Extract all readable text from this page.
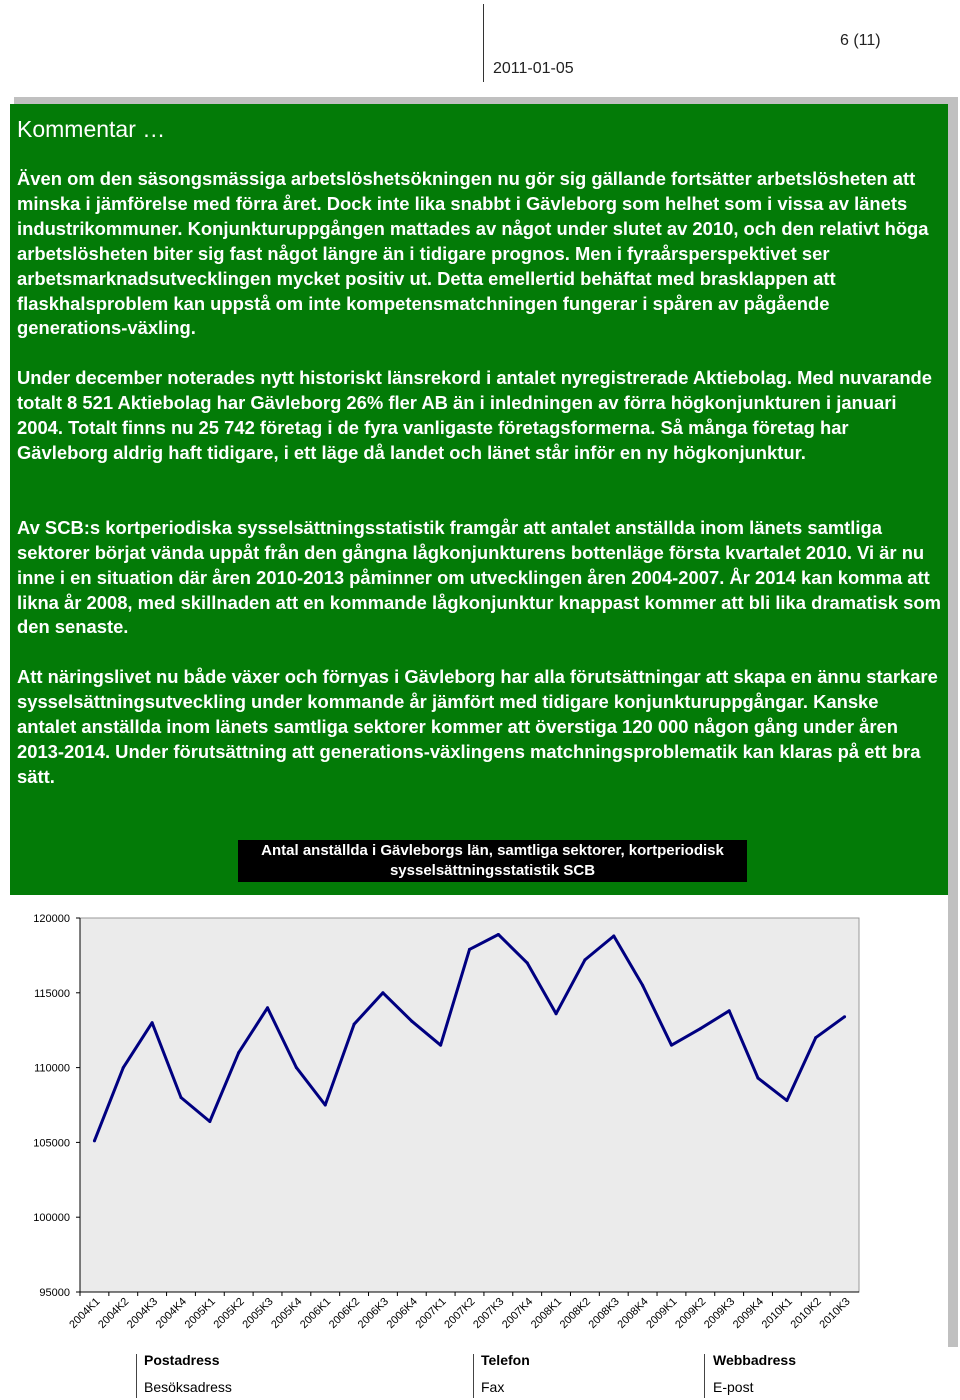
2011-01-05
6 (11)
Kommentar …

Även om den säsongsmässiga arbetslöshetsökningen nu gör sig gällande fortsätter arbetslösheten att minska i jämförelse med förra året. Dock inte lika snabbt i Gävleborg som helhet som i vissa av länets industrikommuner. Konjunkturuppgången mattades av något under slutet av 2010, och den relativt höga arbetslösheten biter sig fast något längre än i tidigare prognos. Men i fyraårsperspektivet ser arbetsmarknadsutvecklingen mycket positiv ut. Detta emellertid behäftat med brasklappen att flaskhalsproblem kan uppstå om inte kompetensmatchningen fungerar i spåren av pågående generations-växling.

Under december noterades nytt historiskt länsrekord i antalet nyregistrerade Aktiebolag. Med nuvarande totalt 8 521 Aktiebolag har Gävleborg 26% fler AB än i inledningen av förra högkonjunkturen i januari 2004. Totalt finns nu 25 742 företag i de fyra vanligaste företagsformerna. Så många företag har Gävleborg aldrig haft tidigare, i ett läge då landet och länet står inför en ny högkonjunktur.

Av SCB:s kortperiodiska sysselsättningsstatistik framgår att antalet anställda inom länets samtliga sektorer börjat vända uppåt från den gångna lågkonjunkturens bottenläge första kvartalet 2010. Vi är nu inne i en situation där åren 2010-2013 påminner om utvecklingen åren 2004-2007. År 2014 kan komma att likna år 2008, med skillnaden att en kommande lågkonjunktur knappast kommer att bli lika dramatisk som den senaste.

Att näringslivet nu både växer och förnyas i Gävleborg har alla förutsättningar att skapa en ännu starkare sysselsättningsutveckling under kommande år jämfört med tidigare konjunkturuppgångar. Kanske antalet anställda inom länets samtliga sektorer kommer att överstiga 120 000 någon gång under åren 2013-2014. Under förutsättning att generations-växlingens matchningsproblematik kan klaras på ett bra sätt.

Antal anställda i Gävleborgs län, samtliga sektorer, kortperiodisk sysselsättningsstatistik SCB
120000
115000
110000
105000
100000
95000
2004K1
2004K2
2004K3
2004K4
2005K1
2005K2
2005K3
2005K4
2006K1
2006K2
2006K3
2006K4
2007K1
2007K2
2007K3
2007K4
2008K1
2008K2
2008K3
2008K4
2009K1
2009K2
2009K3
2009K4
2010K1
2010K2
2010K3
Postadress
Besöksadress
Telefon
Fax
Webbadress
E-post
